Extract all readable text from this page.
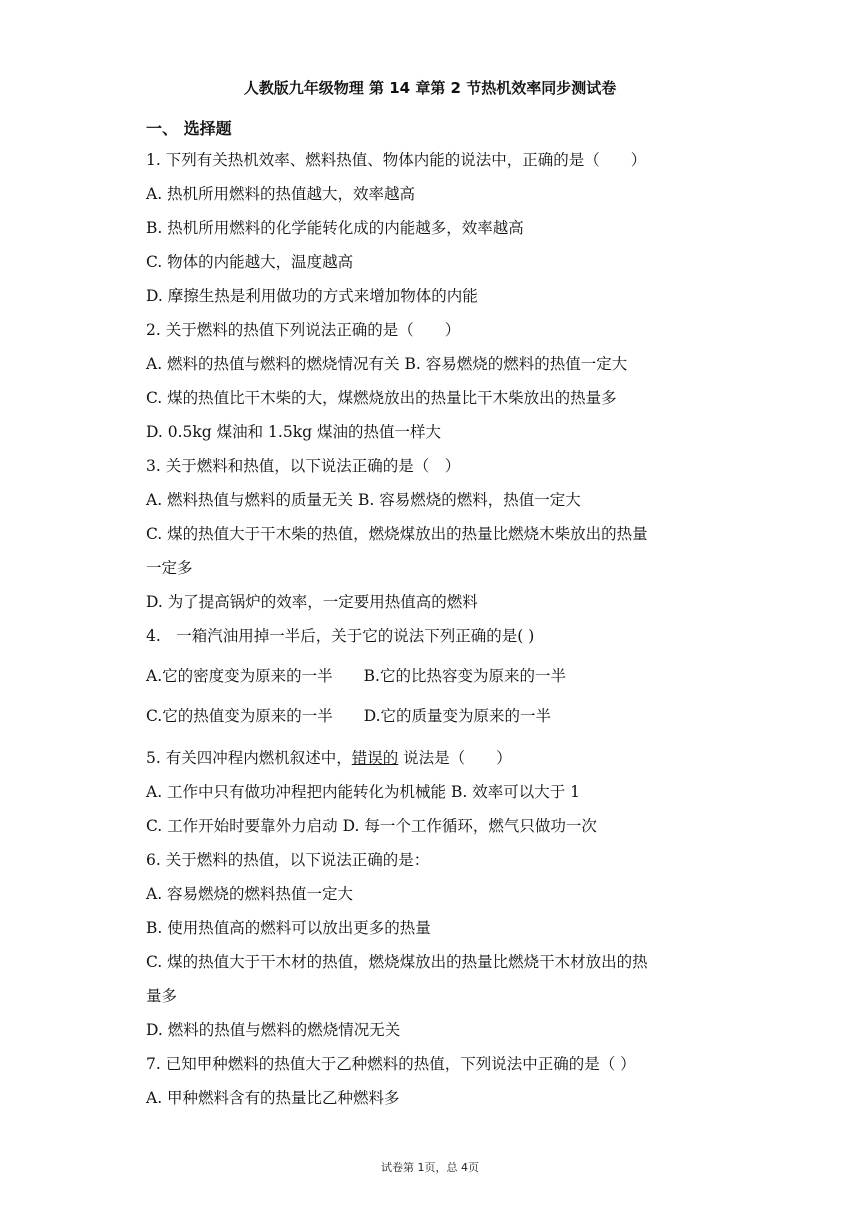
人教版九年级物理 第 14 章第 2 节热机效率同步测试卷
一、 选择题
1. 下列有关热机效率、燃料热值、物体内能的说法中，正确的是（　　）
A. 热机所用燃料的热值越大，效率越高
B. 热机所用燃料的化学能转化成的内能越多，效率越高
C. 物体的内能越大，温度越高
D. 摩擦生热是利用做功的方式来增加物体的内能
2. 关于燃料的热值下列说法正确的是（　　）
A. 燃料的热值与燃料的燃烧情况有关 B. 容易燃烧的燃料的热值一定大
C. 煤的热值比干木柴的大，煤燃烧放出的热量比干木柴放出的热量多
D. 0.5kg 煤油和 1.5kg 煤油的热值一样大
3. 关于燃料和热值，以下说法正确的是（　）
A. 燃料热值与燃料的质量无关 B. 容易燃烧的燃料，热值一定大
C. 煤的热值大于干木柴的热值，燃烧煤放出的热量比燃烧木柴放出的热量
一定多
D. 为了提高锅炉的效率，一定要用热值高的燃料
4.　一箱汽油用掉一半后，关于它的说法下列正确的是( )
A.它的密度变为原来的一半　　B.它的比热容变为原来的一半
C.它的热值变为原来的一半　　D.它的质量变为原来的一半
5. 有关四冲程内燃机叙述中，错误的 说法是（　　）
A. 工作中只有做功冲程把内能转化为机械能 B. 效率可以大于 1
C. 工作开始时要靠外力启动 D. 每一个工作循环，燃气只做功一次
6. 关于燃料的热值，以下说法正确的是：
A. 容易燃烧的燃料热值一定大
B. 使用热值高的燃料可以放出更多的热量
C. 煤的热值大于干木材的热值，燃烧煤放出的热量比燃烧干木材放出的热
量多
D. 燃料的热值与燃料的燃烧情况无关
7. 已知甲种燃料的热值大于乙种燃料的热值，下列说法中正确的是（ ）
A. 甲种燃料含有的热量比乙种燃料多
试卷第 1页，总 4页
